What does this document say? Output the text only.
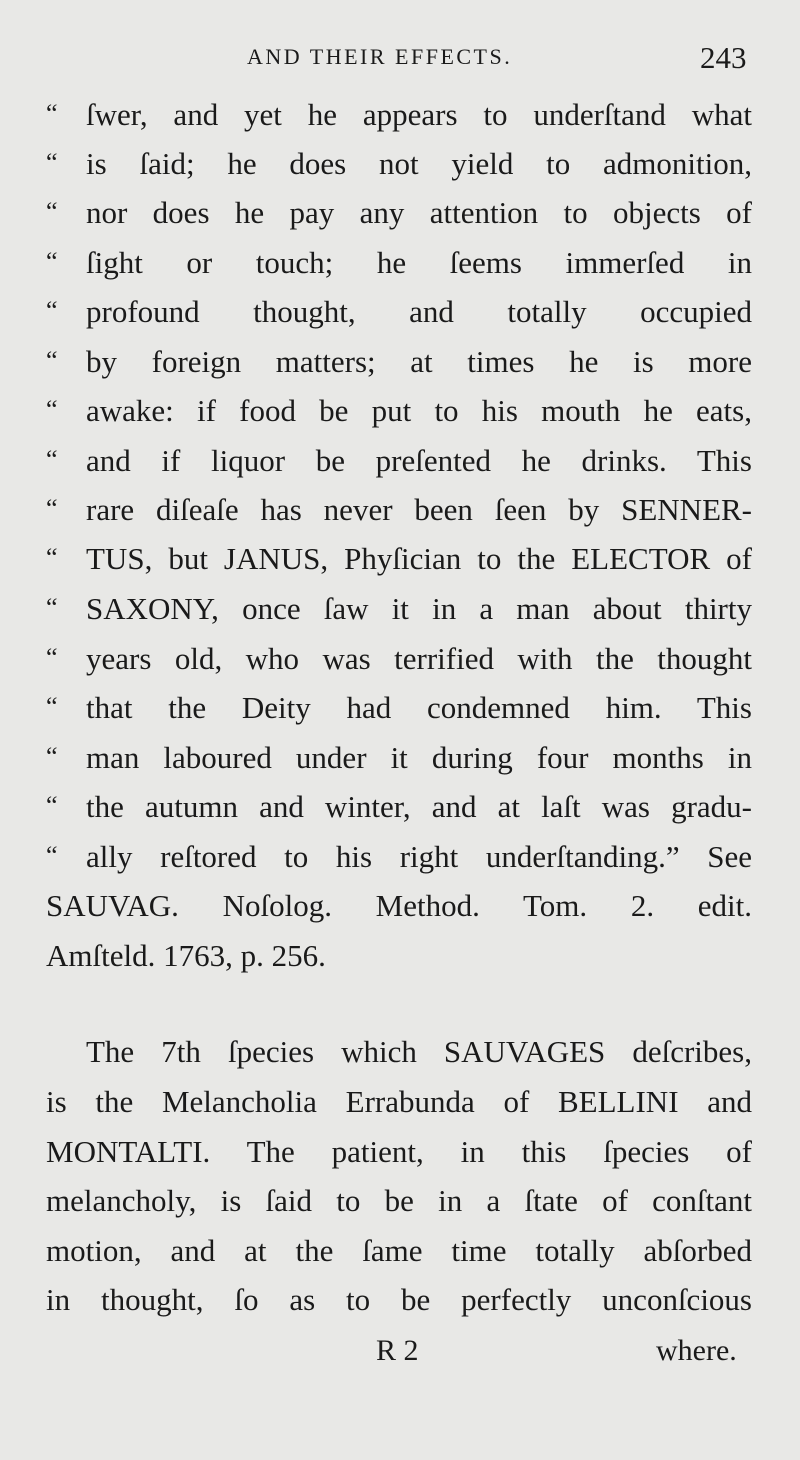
AND THEIR EFFECTS.	243
“ ſwer, and yet he appears to underſtand what
“ is ſaid; he does not yield to admonition,
“ nor does he pay any attention to objects of
“ ſight or touch; he ſeems immerſed in
“ profound thought, and totally occupied
“ by foreign matters; at times he is more
“ awake: if food be put to his mouth he eats,
“ and if liquor be preſented he drinks. This
“ rare diſeaſe has never been ſeen by SENNER-
“ TUS, but JANUS, Phyſician to the ELECTOR of
“ SAXONY, once ſaw it in a man about thirty
“ years old, who was terrified with the thought
“ that the Deity had condemned him. This
“ man laboured under it during four months in
“ the autumn and winter, and at laſt was gradu-
“ ally reſtored to his right underſtanding.” See
SAUVAG. Noſolog. Method. Tom. 2. edit.
Amſteld. 1763, p. 256.
The 7th ſpecies which SAUVAGES deſcribes,
is the Melancholia Errabunda of BELLINI and
MONTALTI. The patient, in this ſpecies of
melancholy, is ſaid to be in a ſtate of conſtant
motion, and at the ſame time totally abſorbed
in thought, ſo as to be perfectly unconſcious
R 2	where.
